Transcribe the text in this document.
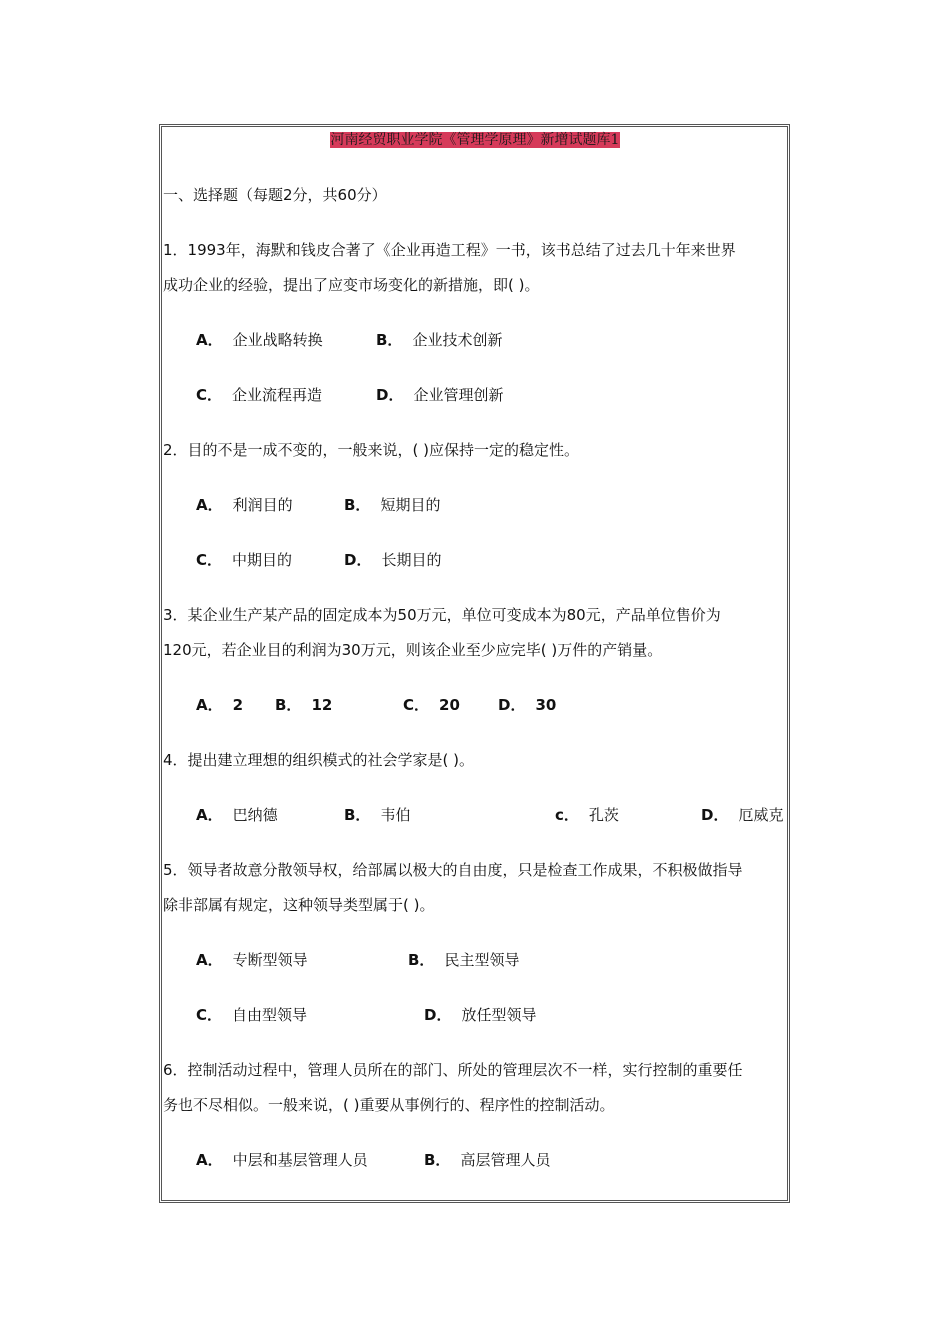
河南经贸职业学院《管理学原理》新增试题库1
一、选择题（每题2分，共60分）
1．1993年，海默和钱皮合著了《企业再造工程》一书，该书总结了过去几十年来世界
成功企业的经验，提出了应变市场变化的新措施，即( )。
A． 企业战略转换	B． 企业技术创新
C． 企业流程再造	D． 企业管理创新
2．目的不是一成不变的，一般来说，( )应保持一定的稳定性。
A． 利润目的	B． 短期目的
C． 中期目的	D． 长期目的
3．某企业生产某产品的固定成本为50万元，单位可变成本为80元，产品单位售价为
120元，若企业目的利润为30万元，则该企业至少应完毕( )万件的产销量。
A． 2 B． 12	C． 20	D． 30
4．提出建立理想的组织模式的社会学家是( )。
A． 巴纳德	B． 韦伯	c． 孔茨	D． 厄威克
5．领导者故意分散领导权，给部属以极大的自由度，只是检查工作成果，不积极做指导
除非部属有规定，这种领导类型属于( )。
A． 专断型领导	B． 民主型领导
C． 自由型领导	D． 放任型领导
6．控制活动过程中，管理人员所在的部门、所处的管理层次不一样，实行控制的重要任
务也不尽相似。一般来说，( )重要从事例行的、程序性的控制活动。
A． 中层和基层管理人员	B． 高层管理人员
